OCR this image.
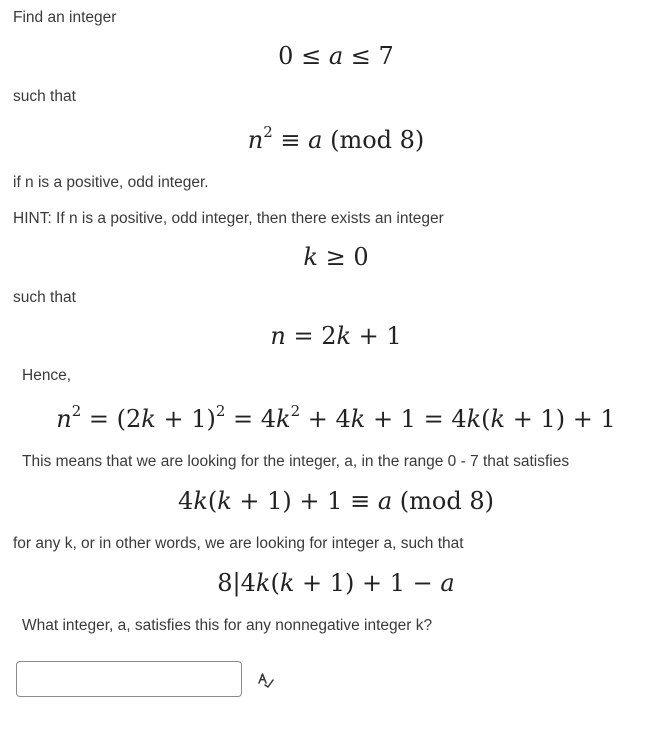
Find an integer
0 ≤ a ≤ 7
such that
$n^2 \equiv a$ (mod 8)
if n is a positive, odd integer.
HINT: If n is a positive, odd integer, then there exists an integer
k ≥ 0
such that
n = 2k + 1
Hence,
$n^2 = (2k + 1)^2 = 4k^2 + 4k + 1 = 4k(k + 1) + 1$
This means that we are looking for the integer, a, in the range 0 - 7 that satisfies
4k(k + 1) + 1 ≡ a (mod 8)
for any k, or in other words, we are looking for integer a, such that
8|4k(k + 1) + 1 − a
What integer, a, satisfies this for any nonnegative integer k?
